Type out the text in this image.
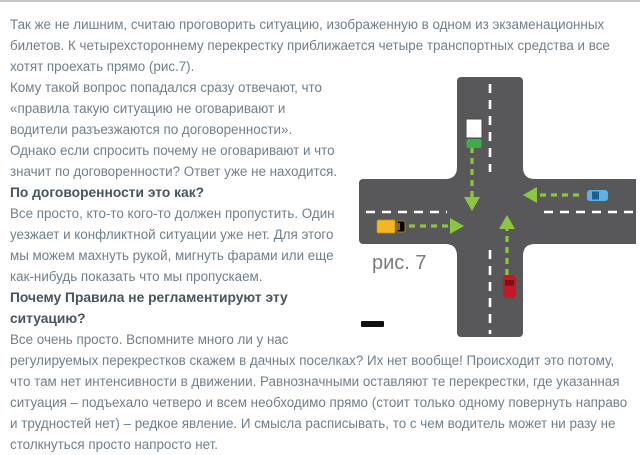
Так же не лишним, считаю проговорить ситуацию, изображенную в одном из экзаменационных билетов. К четырехстороннему перекрестку приближается четыре транспортных средства и все хотят проехать прямо (рис.7).

рис. 7

Кому такой вопрос попадался сразу отвечают, что «правила такую ситуацию не оговаривают и водители разъезжаются по договоренности». Однако если спросить почему не оговаривают и что значит по договоренности? Ответ уже не находится.

По договоренности это как?

Все просто, кто-то кого-то должен пропустить. Один уезжает и конфликтной ситуации уже нет. Для этого мы можем махнуть рукой, мигнуть фарами или еще как-нибудь показать что мы пропускаем.

Почему Правила не регламентируют эту ситуацию?

Все очень просто. Вспомните много ли у нас регулируемых перекрестков скажем в дачных поселках? Их нет вообще! Происходит это потому, что там нет интенсивности в движении. Равнозначными оставляют те перекрестки, где указанная ситуация – подъехало четверо и всем необходимо прямо (стоит только одному повернуть направо и трудностей нет) – редкое явление. И смысла расписывать, то с чем водитель может ни разу не столкнуться просто напросто нет.
